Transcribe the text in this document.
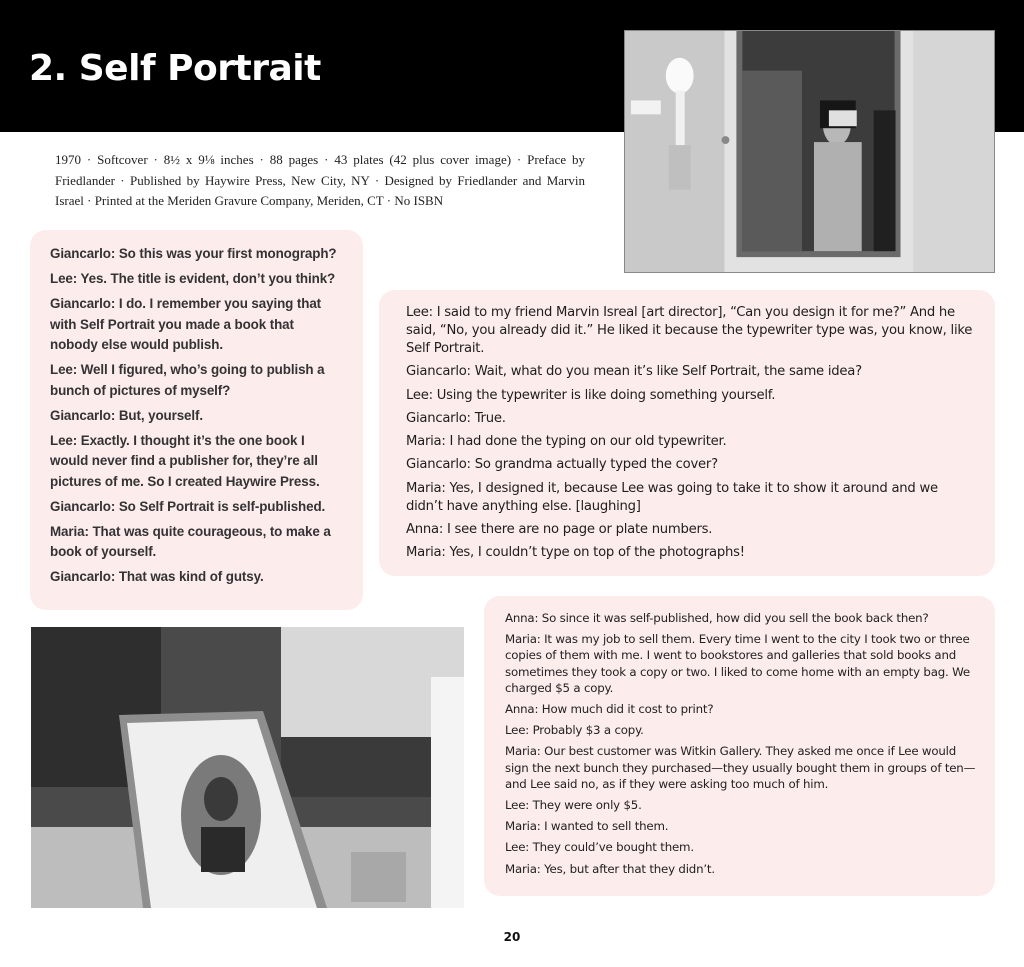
2. Self Portrait

1970 · Softcover · 8½ x 9⅛ inches · 88 pages · 43 plates (42 plus cover image) · Preface by Friedlander · Published by Haywire Press, New City, NY · Designed by Friedlander and Marvin Israel · Printed at the Meriden Gravure Company, Meriden, CT · No ISBN

Giancarlo: So this was your first monograph?

Lee: Yes. The title is evident, don’t you think?

Giancarlo: I do. I remember you saying that with Self Portrait you made a book that nobody else would publish.

Lee: Well I figured, who’s going to publish a bunch of pictures of myself?

Giancarlo: But, yourself.

Lee: Exactly. I thought it’s the one book I would never find a publisher for, they’re all pictures of me. So I created Haywire Press.

Giancarlo: So Self Portrait is self-published.

Maria: That was quite courageous, to make a book of yourself.

Giancarlo: That was kind of gutsy.

Lee: I said to my friend Marvin Isreal [art director], “Can you design it for me?” And he said, “No, you already did it.” He liked it because the typewriter type was, you know, like Self Portrait.

Giancarlo: Wait, what do you mean it’s like Self Portrait, the same idea?

Lee: Using the typewriter is like doing something yourself.

Giancarlo: True.

Maria: I had done the typing on our old typewriter.

Giancarlo: So grandma actually typed the cover?

Maria: Yes, I designed it, because Lee was going to take it to show it around and we didn’t have anything else. [laughing]

Anna: I see there are no page or plate numbers.

Maria: Yes, I couldn’t type on top of the photographs!

Anna: So since it was self-published, how did you sell the book back then?

Maria: It was my job to sell them. Every time I went to the city I took two or three copies of them with me. I went to bookstores and galleries that sold books and sometimes they took a copy or two. I liked to come home with an empty bag. We charged $5 a copy.

Anna: How much did it cost to print?

Lee: Probably $3 a copy.

Maria: Our best customer was Witkin Gallery. They asked me once if Lee would sign the next bunch they purchased—they usually bought them in groups of ten—and Lee said no, as if they were asking too much of him.

Lee: They were only $5.

Maria: I wanted to sell them.

Lee: They could’ve bought them.

Maria: Yes, but after that they didn’t.

20
